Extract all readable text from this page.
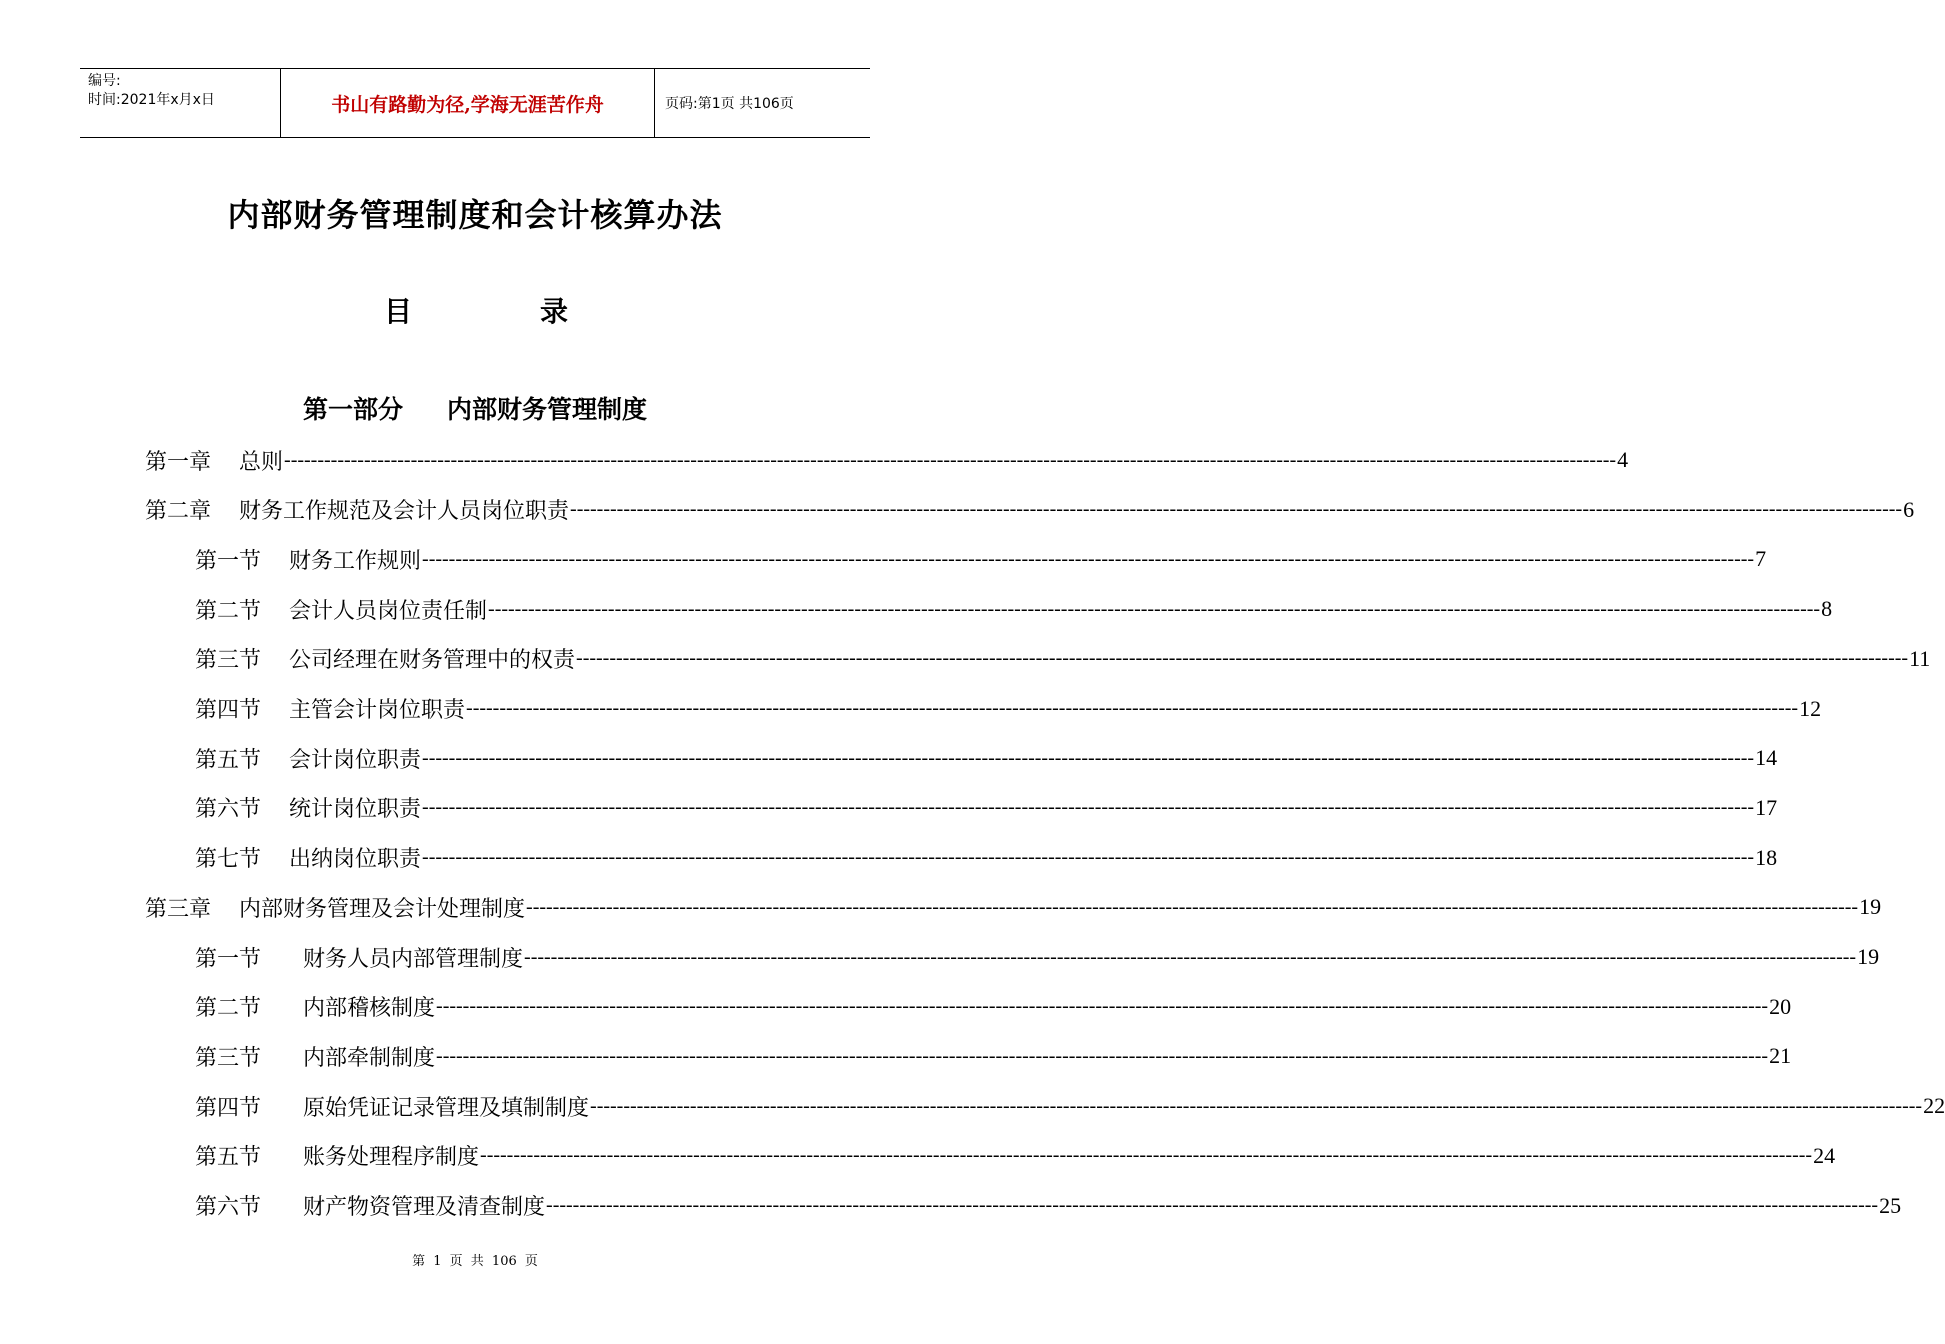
编号:
时间:2021年x月x日	书山有路勤为径,学海无涯苦作舟	页码:第1页 共106页
内部财务管理制度和会计核算办法
目	录
第一部分 内部财务管理制度
第一章 总则 -------------------------------------------------------------------------------------------------------------------------------------------------------------------------------------------------------- 4
第二章 财务工作规范及会计人员岗位职责 -------------------------------------------------------------------------------------------------------------------------------------------------------------------------------------------------------- 6
第一节 财务工作规则 -------------------------------------------------------------------------------------------------------------------------------------------------------------------------------------------------------- 7
第二节 会计人员岗位责任制 -------------------------------------------------------------------------------------------------------------------------------------------------------------------------------------------------------- 8
第三节 公司经理在财务管理中的权责 -------------------------------------------------------------------------------------------------------------------------------------------------------------------------------------------------------- 11
第四节 主管会计岗位职责 -------------------------------------------------------------------------------------------------------------------------------------------------------------------------------------------------------- 12
第五节 会计岗位职责 -------------------------------------------------------------------------------------------------------------------------------------------------------------------------------------------------------- 14
第六节 统计岗位职责 -------------------------------------------------------------------------------------------------------------------------------------------------------------------------------------------------------- 17
第七节 出纳岗位职责 -------------------------------------------------------------------------------------------------------------------------------------------------------------------------------------------------------- 18
第三章 内部财务管理及会计处理制度 -------------------------------------------------------------------------------------------------------------------------------------------------------------------------------------------------------- 19
第一节 财务人员内部管理制度 -------------------------------------------------------------------------------------------------------------------------------------------------------------------------------------------------------- 19
第二节 内部稽核制度 -------------------------------------------------------------------------------------------------------------------------------------------------------------------------------------------------------- 20
第三节 内部牵制制度 -------------------------------------------------------------------------------------------------------------------------------------------------------------------------------------------------------- 21
第四节 原始凭证记录管理及填制制度 -------------------------------------------------------------------------------------------------------------------------------------------------------------------------------------------------------- 22
第五节 账务处理程序制度 -------------------------------------------------------------------------------------------------------------------------------------------------------------------------------------------------------- 24
第六节 财产物资管理及清查制度 -------------------------------------------------------------------------------------------------------------------------------------------------------------------------------------------------------- 25
第 1 页 共 106 页
